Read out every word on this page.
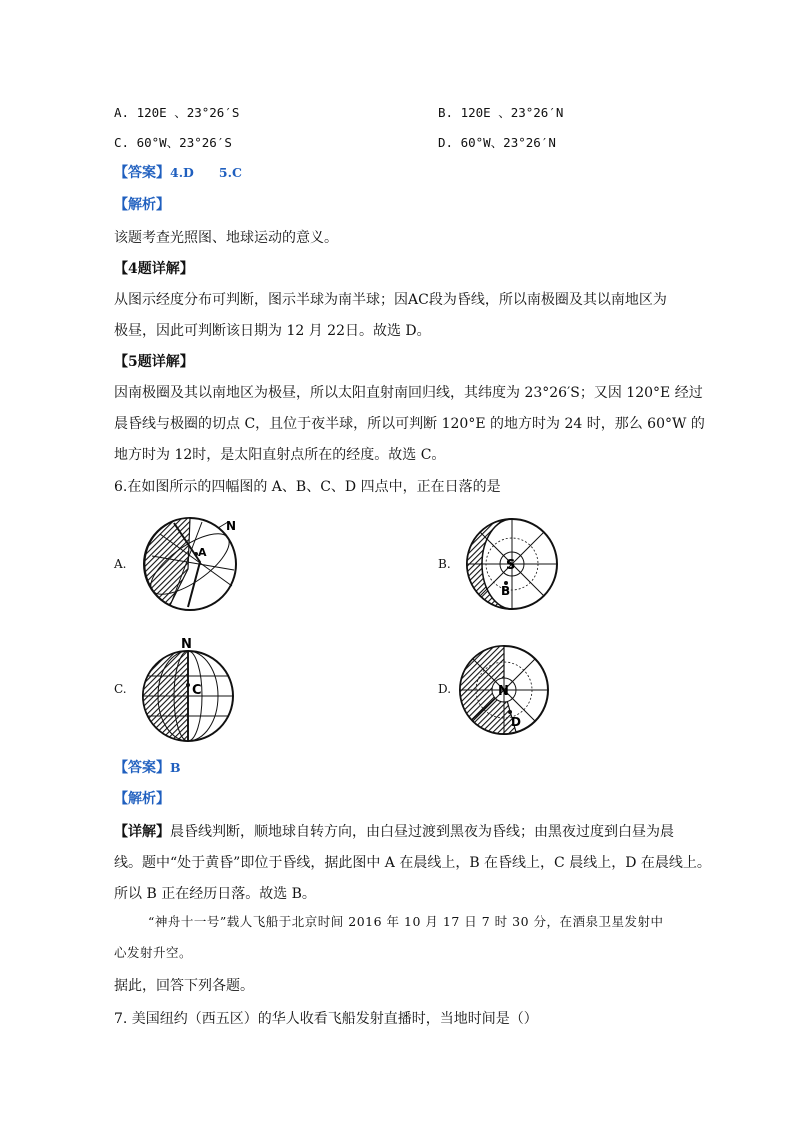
A. 120E 、23°26′S	B. 120E 、23°26′N
C. 60°W、23°26′S	D. 60°W、23°26′N
【答案】4.D　　5.C
【解析】
该题考查光照图、地球运动的意义。
【4题详解】
从图示经度分布可判断，图示半球为南半球；因AC段为昏线，所以南极圈及其以南地区为
极昼，因此可判断该日期为 12 月 22日。故选 D。
【5题详解】
因南极圈及其以南地区为极昼，所以太阳直射南回归线，其纬度为 23°26′S；又因 120°E 经过
晨昏线与极圈的切点 C，且位于夜半球，所以可判断 120°E 的地方时为 24 时，那么 60°W 的
地方时为 12时，是太阳直射点所在的经度。故选 C。
6.在如图所示的四幅图的 A、B、C、D 四点中，正在日落的是
A.
N
A
B.	S
B
C.
N
C	D.	N
D
【答案】B
【解析】
【详解】晨昏线判断，顺地球自转方向，由白昼过渡到黑夜为昏线；由黑夜过度到白昼为晨
线。题中“处于黄昏”即位于昏线，据此图中 A 在晨线上，B 在昏线上，C 晨线上，D 在晨线上。
所以 B 正在经历日落。故选 B。
“神舟十一号”载人飞船于北京时间 2016 年 10 月 17 日 7 时 30 分，在酒泉卫星发射中
心发射升空。
据此，回答下列各题。
7. 美国纽约（西五区）的华人收看飞船发射直播时，当地时间是（）
